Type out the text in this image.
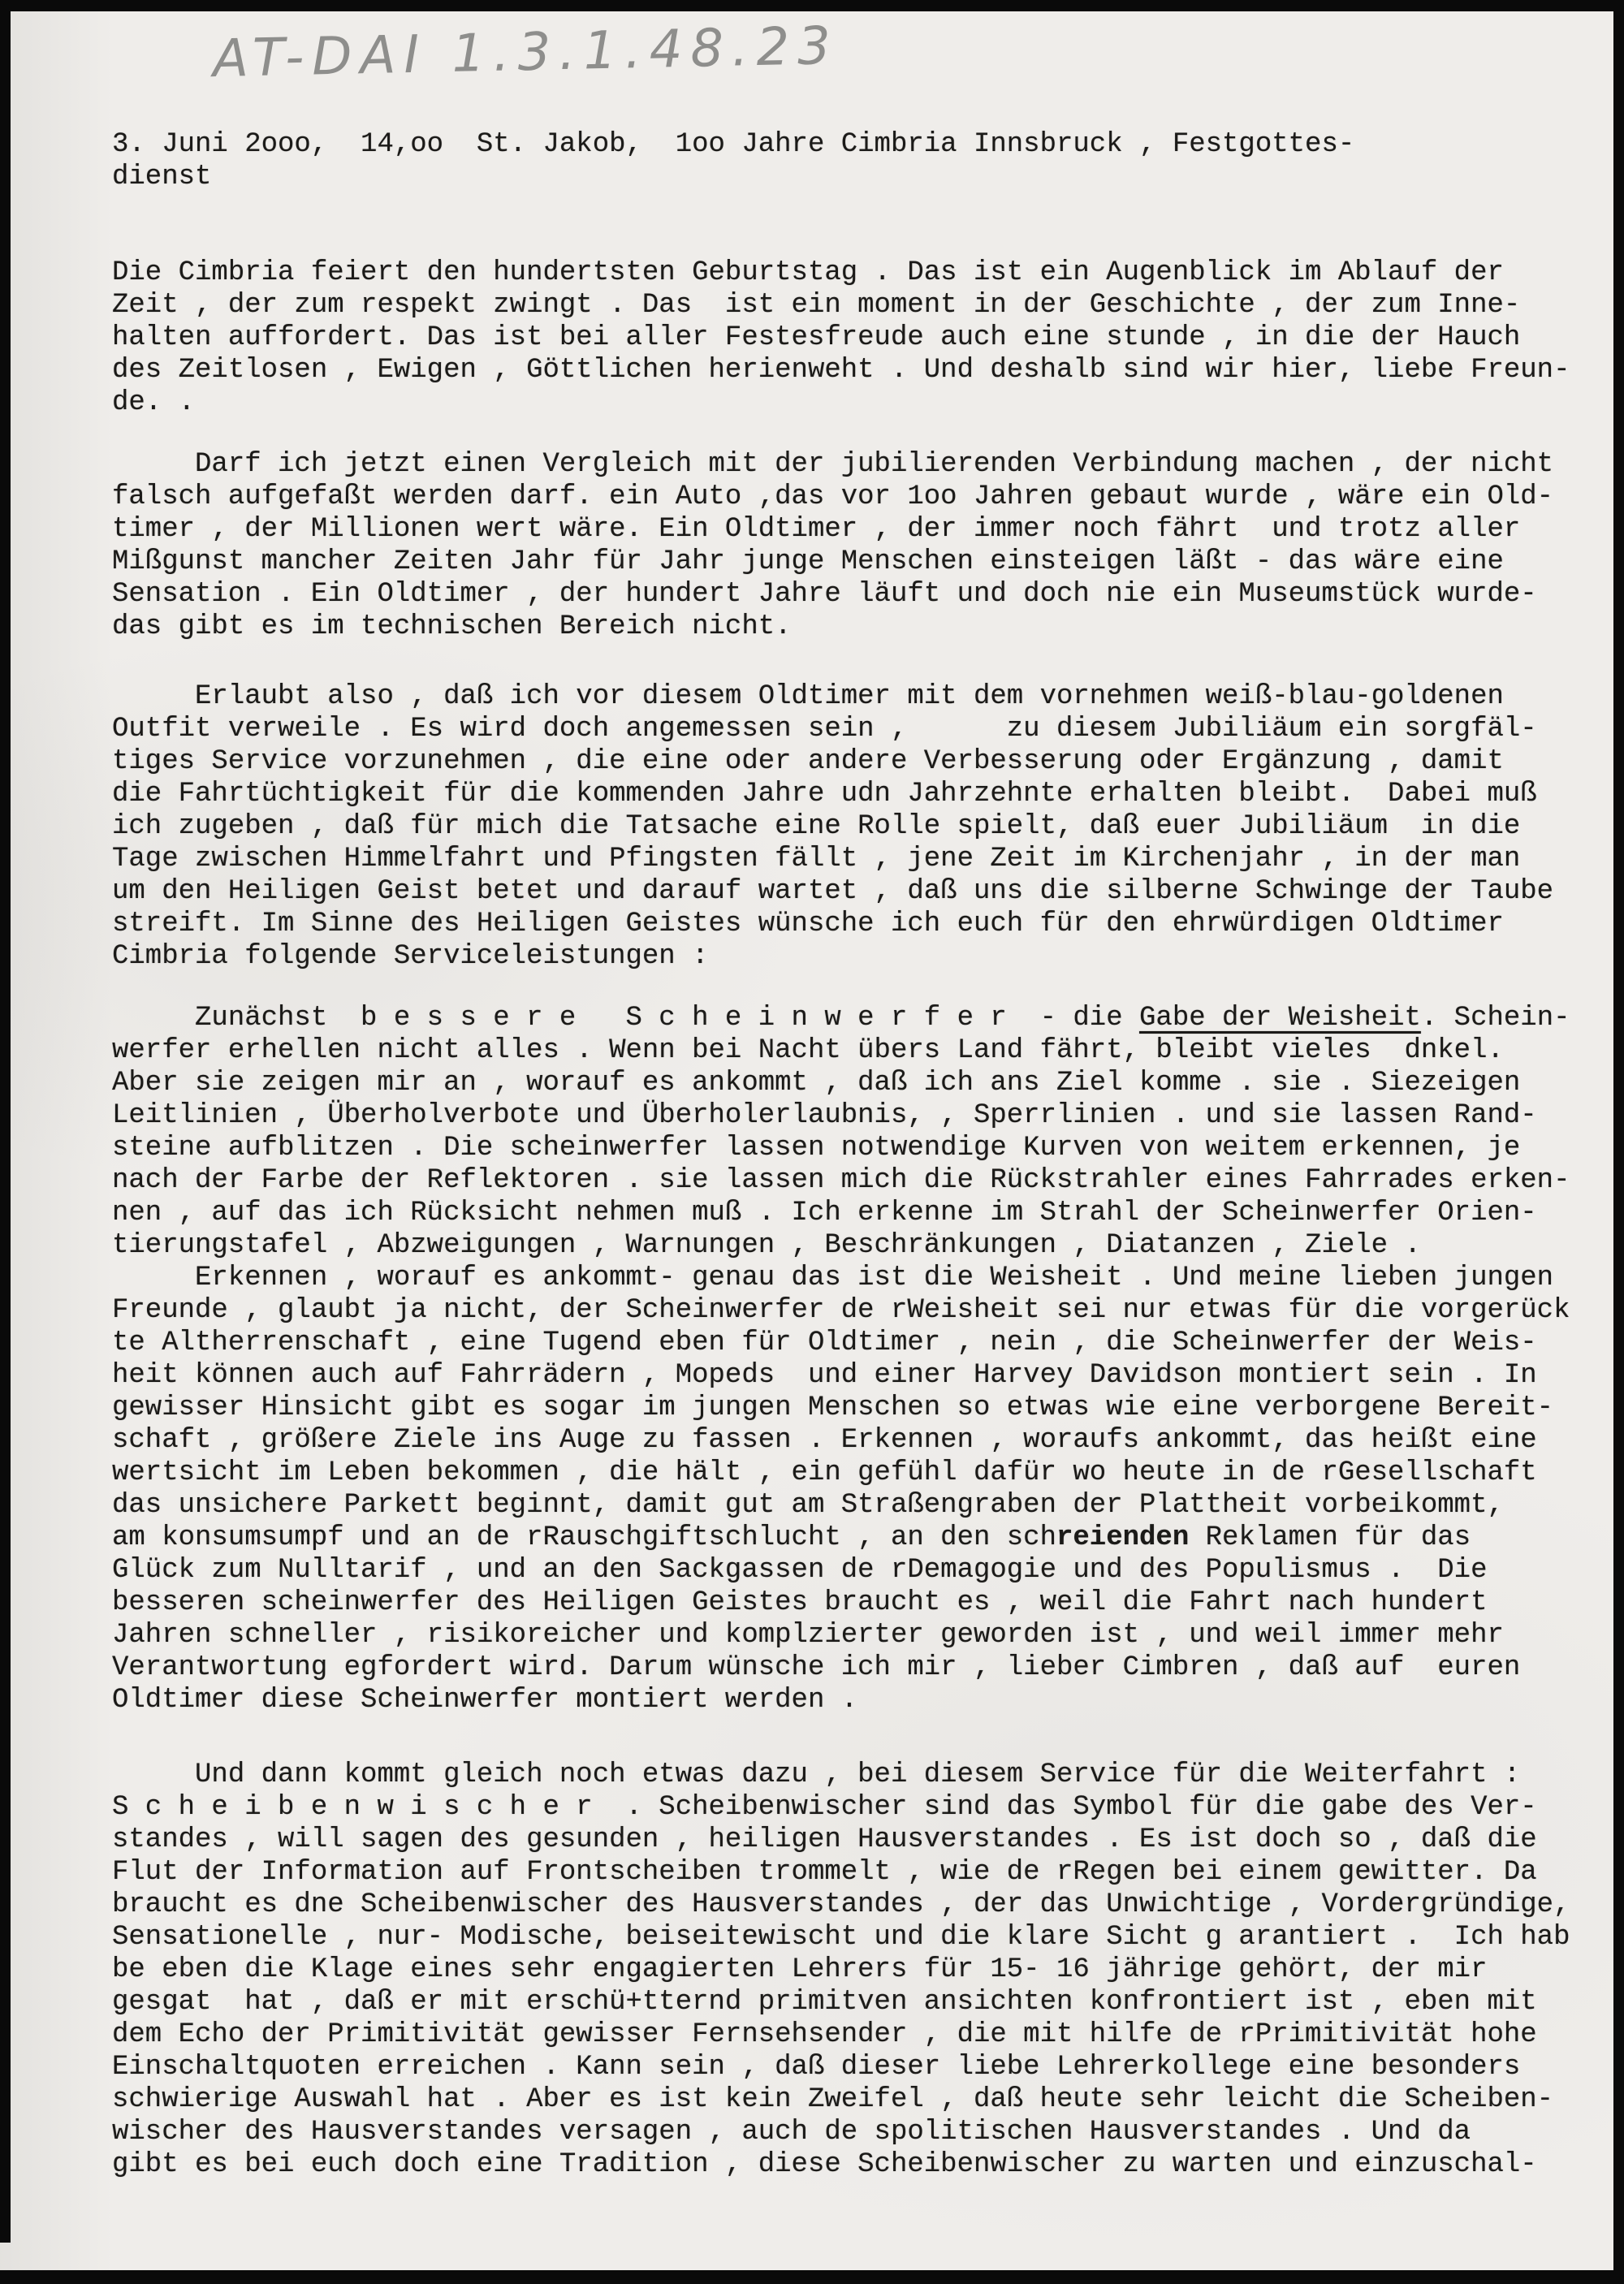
AT-DAI 1.3.1.48.23
3. Juni 2ooo,  14,oo  St. Jakob,  1oo Jahre Cimbria Innsbruck , Festgottes-
dienst
Die Cimbria feiert den hundertsten Geburtstag . Das ist ein Augenblick im Ablauf der
Zeit , der zum respekt zwingt . Das  ist ein moment in der Geschichte , der zum Inne-
halten auffordert. Das ist bei aller Festesfreude auch eine stunde , in die der Hauch
des Zeitlosen , Ewigen , Göttlichen herienweht . Und deshalb sind wir hier, liebe Freun-
de. .
Darf ich jetzt einen Vergleich mit der jubilierenden Verbindung machen , der nicht
falsch aufgefaßt werden darf. ein Auto ,das vor 1oo Jahren gebaut wurde , wäre ein Old-
timer , der Millionen wert wäre. Ein Oldtimer , der immer noch fährt  und trotz aller
Mißgunst mancher Zeiten Jahr für Jahr junge Menschen einsteigen läßt - das wäre eine
Sensation . Ein Oldtimer , der hundert Jahre läuft und doch nie ein Museumstück wurde-
das gibt es im technischen Bereich nicht.
Erlaubt also , daß ich vor diesem Oldtimer mit dem vornehmen weiß-blau-goldenen
Outfit verweile . Es wird doch angemessen sein ,      zu diesem Jubiliäum ein sorgfäl-
tiges Service vorzunehmen , die eine oder andere Verbesserung oder Ergänzung , damit
die Fahrtüchtigkeit für die kommenden Jahre udn Jahrzehnte erhalten bleibt.  Dabei muß
ich zugeben , daß für mich die Tatsache eine Rolle spielt, daß euer Jubiliäum  in die
Tage zwischen Himmelfahrt und Pfingsten fällt , jene Zeit im Kirchenjahr , in der man
um den Heiligen Geist betet und darauf wartet , daß uns die silberne Schwinge der Taube
streift. Im Sinne des Heiligen Geistes wünsche ich euch für den ehrwürdigen Oldtimer
Cimbria folgende Serviceleistungen :
Zunächst  b e s s e r e   S c h e i n w e r f e r  - die Gabe der Weisheit. Schein-
werfer erhellen nicht alles . Wenn bei Nacht übers Land fährt, bleibt vieles  dnkel.
Aber sie zeigen mir an , worauf es ankommt , daß ich ans Ziel komme . sie . Siezeigen
Leitlinien , Überholverbote und Überholerlaubnis, , Sperrlinien . und sie lassen Rand-
steine aufblitzen . Die scheinwerfer lassen notwendige Kurven von weitem erkennen, je
nach der Farbe der Reflektoren . sie lassen mich die Rückstrahler eines Fahrrades erken-
nen , auf das ich Rücksicht nehmen muß . Ich erkenne im Strahl der Scheinwerfer Orien-
tierungstafel , Abzweigungen , Warnungen , Beschränkungen , Diatanzen , Ziele .
Erkennen , worauf es ankommt- genau das ist die Weisheit . Und meine lieben jungen
Freunde , glaubt ja nicht, der Scheinwerfer de rWeisheit sei nur etwas für die vorgerück
te Altherrenschaft , eine Tugend eben für Oldtimer , nein , die Scheinwerfer der Weis-
heit können auch auf Fahrrädern , Mopeds  und einer Harvey Davidson montiert sein . In
gewisser Hinsicht gibt es sogar im jungen Menschen so etwas wie eine verborgene Bereit-
schaft , größere Ziele ins Auge zu fassen . Erkennen , woraufs ankommt, das heißt eine
wertsicht im Leben bekommen , die hält , ein gefühl dafür wo heute in de rGesellschaft
das unsichere Parkett beginnt, damit gut am Straßengraben der Plattheit vorbeikommt,
am konsumsumpf und an de rRauschgiftschlucht , an den schreienden Reklamen für das
Glück zum Nulltarif , und an den Sackgassen de rDemagogie und des Populismus .  Die
besseren scheinwerfer des Heiligen Geistes braucht es , weil die Fahrt nach hundert
Jahren schneller , risikoreicher und komplzierter geworden ist , und weil immer mehr
Verantwortung egfordert wird. Darum wünsche ich mir , lieber Cimbren , daß auf  euren
Oldtimer diese Scheinwerfer montiert werden .
Und dann kommt gleich noch etwas dazu , bei diesem Service für die Weiterfahrt :
S c h e i b e n w i s c h e r  . Scheibenwischer sind das Symbol für die gabe des Ver-
standes , will sagen des gesunden , heiligen Hausverstandes . Es ist doch so , daß die
Flut der Information auf Frontscheiben trommelt , wie de rRegen bei einem gewitter. Da
braucht es dne Scheibenwischer des Hausverstandes , der das Unwichtige , Vordergründige,
Sensationelle , nur- Modische, beiseitewischt und die klare Sicht g arantiert .  Ich hab
be eben die Klage eines sehr engagierten Lehrers für 15- 16 jährige gehört, der mir
gesgat  hat , daß er mit erschü+tternd primitven ansichten konfrontiert ist , eben mit
dem Echo der Primitivität gewisser Fernsehsender , die mit hilfe de rPrimitivität hohe
Einschaltquoten erreichen . Kann sein , daß dieser liebe Lehrerkollege eine besonders
schwierige Auswahl hat . Aber es ist kein Zweifel , daß heute sehr leicht die Scheiben-
wischer des Hausverstandes versagen , auch de spolitischen Hausverstandes . Und da
gibt es bei euch doch eine Tradition , diese Scheibenwischer zu warten und einzuschal-
